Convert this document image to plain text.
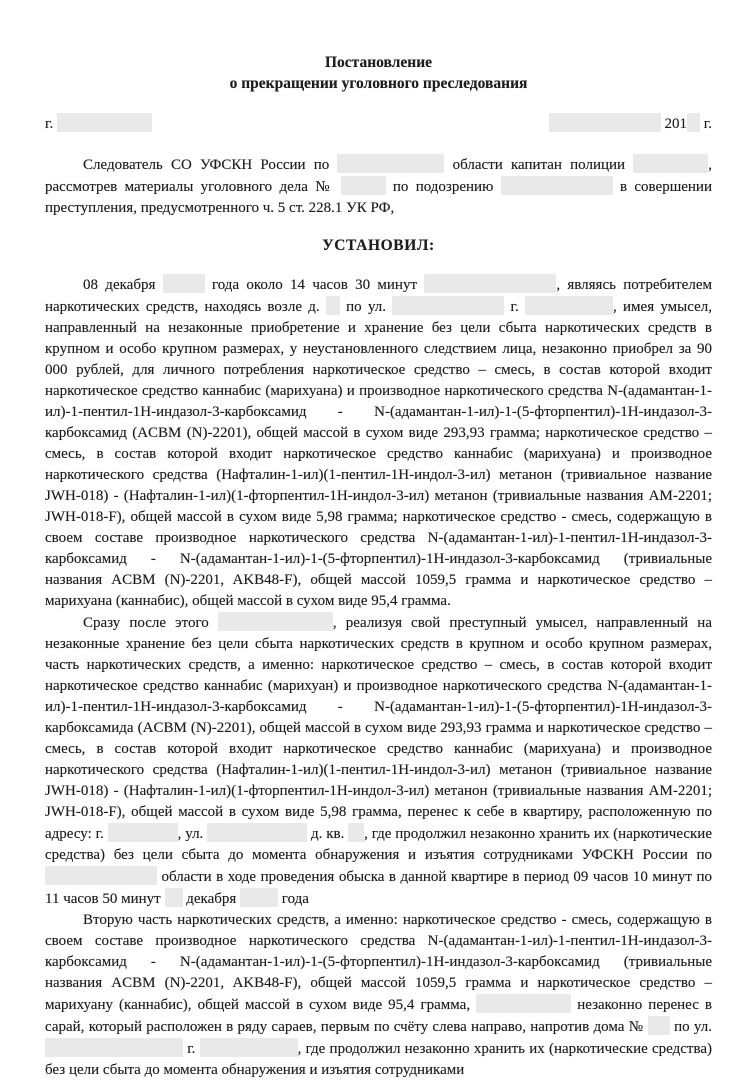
Постановление
о прекращении уголовного преследования
г.	201 г.

Следователь СО УФСКН России по	области капитан полиции	, рассмотрев материалы уголовного дела №	по подозрению	в совершении преступления, предусмотренного ч. 5 ст. 228.1 УК РФ,

УСТАНОВИЛ:

08 декабря	года около 14 часов 30 минут	, являясь потребителем наркотических средств, находясь возле д.  по ул.	г.	, имея умысел, направленный на незаконные приобретение и хранение без цели сбыта наркотических средств в крупном и особо крупном размерах, у неустановленного следствием лица, незаконно приобрел за 90 000 рублей, для личного потребления наркотическое средство – смесь, в состав которой входит наркотическое средство каннабис (марихуана) и производное наркотического средства N-(адамантан-1-ил)-1-пентил-1Н-индазол-3-карбоксамид - N-(адамантан-1-ил)-1-(5-фторпентил)-1Н-индазол-3-карбоксамид (ACBM (N)-2201), общей массой в сухом виде 293,93 грамма; наркотическое средство – смесь, в состав которой входит наркотическое средство каннабис (марихуана) и производное наркотического средства (Нафталин-1-ил)(1-пентил-1Н-индол-3-ил) метанон (тривиальное название JWH-018) - (Нафталин-1-ил)(1-фторпентил-1Н-индол-3-ил) метанон (тривиальные названия АМ-2201; JWH-018-F), общей массой в сухом виде 5,98 грамма; наркотическое средство - смесь, содержащую в своем составе производное наркотического средства N-(адамантан-1-ил)-1-пентил-1Н-индазол-3-карбоксамид - N-(адамантан-1-ил)-1-(5-фторпентил)-1Н-индазол-3-карбоксамид (тривиальные названия ACBM (N)-2201, AKB48-F), общей массой 1059,5 грамма и наркотическое средство – марихуана (каннабис), общей массой в сухом виде 95,4 грамма.

Сразу после этого	, реализуя свой преступный умысел, направленный на незаконные хранение без цели сбыта наркотических средств в крупном и особо крупном размерах, часть наркотических средств, а именно: наркотическое средство – смесь, в состав которой входит наркотическое средство каннабис (марихуан) и производное наркотического средства N-(адамантан-1-ил)-1-пентил-1Н-индазол-3-карбоксамид - N-(адамантан-1-ил)-1-(5-фторпентил)-1Н-индазол-3-карбоксамида (ACBM (N)-2201), общей массой в сухом виде 293,93 грамма и наркотическое средство – смесь, в состав которой входит наркотическое средство каннабис (марихуана) и производное наркотического средства (Нафталин-1-ил)(1-пентил-1Н-индол-3-ил) метанон (тривиальное название JWH-018) - (Нафталин-1-ил)(1-фторпентил-1Н-индол-3-ил) метанон (тривиальные названия АМ-2201; JWH-018-F), общей массой в сухом виде 5,98 грамма, перенес к себе в квартиру, расположенную по адресу: г.	, ул.	д. кв. , где продолжил незаконно хранить их (наркотические средства) без цели сбыта до момента обнаружения и изъятия сотрудниками УФСКН России по  области в ходе проведения обыска в данной квартире в период 09 часов 10 минут по 11 часов 50 минут  декабря	года

Вторую часть наркотических средств, а именно: наркотическое средство - смесь, содержащую в своем составе производное наркотического средства N-(адамантан-1-ил)-1-пентил-1Н-индазол-3-карбоксамид - N-(адамантан-1-ил)-1-(5-фторпентил)-1Н-индазол-3-карбоксамид (тривиальные названия ACBM (N)-2201, AKB48-F), общей массой 1059,5 грамма и наркотическое средство – марихуану (каннабис), общей массой в сухом виде 95,4 грамма,	незаконно перенес в сарай, который расположен в ряду сараев, первым по счёту слева направо, напротив дома №  по ул.  г.	, где продолжил незаконно хранить их (наркотические средства) без цели сбыта до момента обнаружения и изъятия сотрудниками
